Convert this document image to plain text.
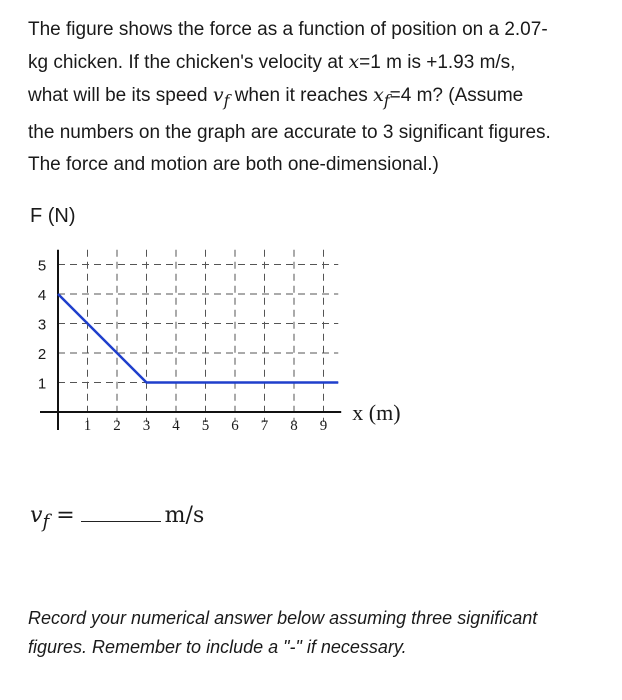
The figure shows the force as a function of position on a 2.07-
kg chicken. If the chicken's velocity at x=1 m is +1.93 m/s,
what will be its speed $v_f$ when it reaches $x_f=4$ m? (Assume
the numbers on the graph are accurate to 3 significant figures.
The force and motion are both one-dimensional.)
F (N)
1
2
3
4
5
1 2 3 4 5 6 7 8 9
x (m)
$v_f$ =	m/s
Record your numerical answer below assuming three significant
figures. Remember to include a "-" if necessary.
